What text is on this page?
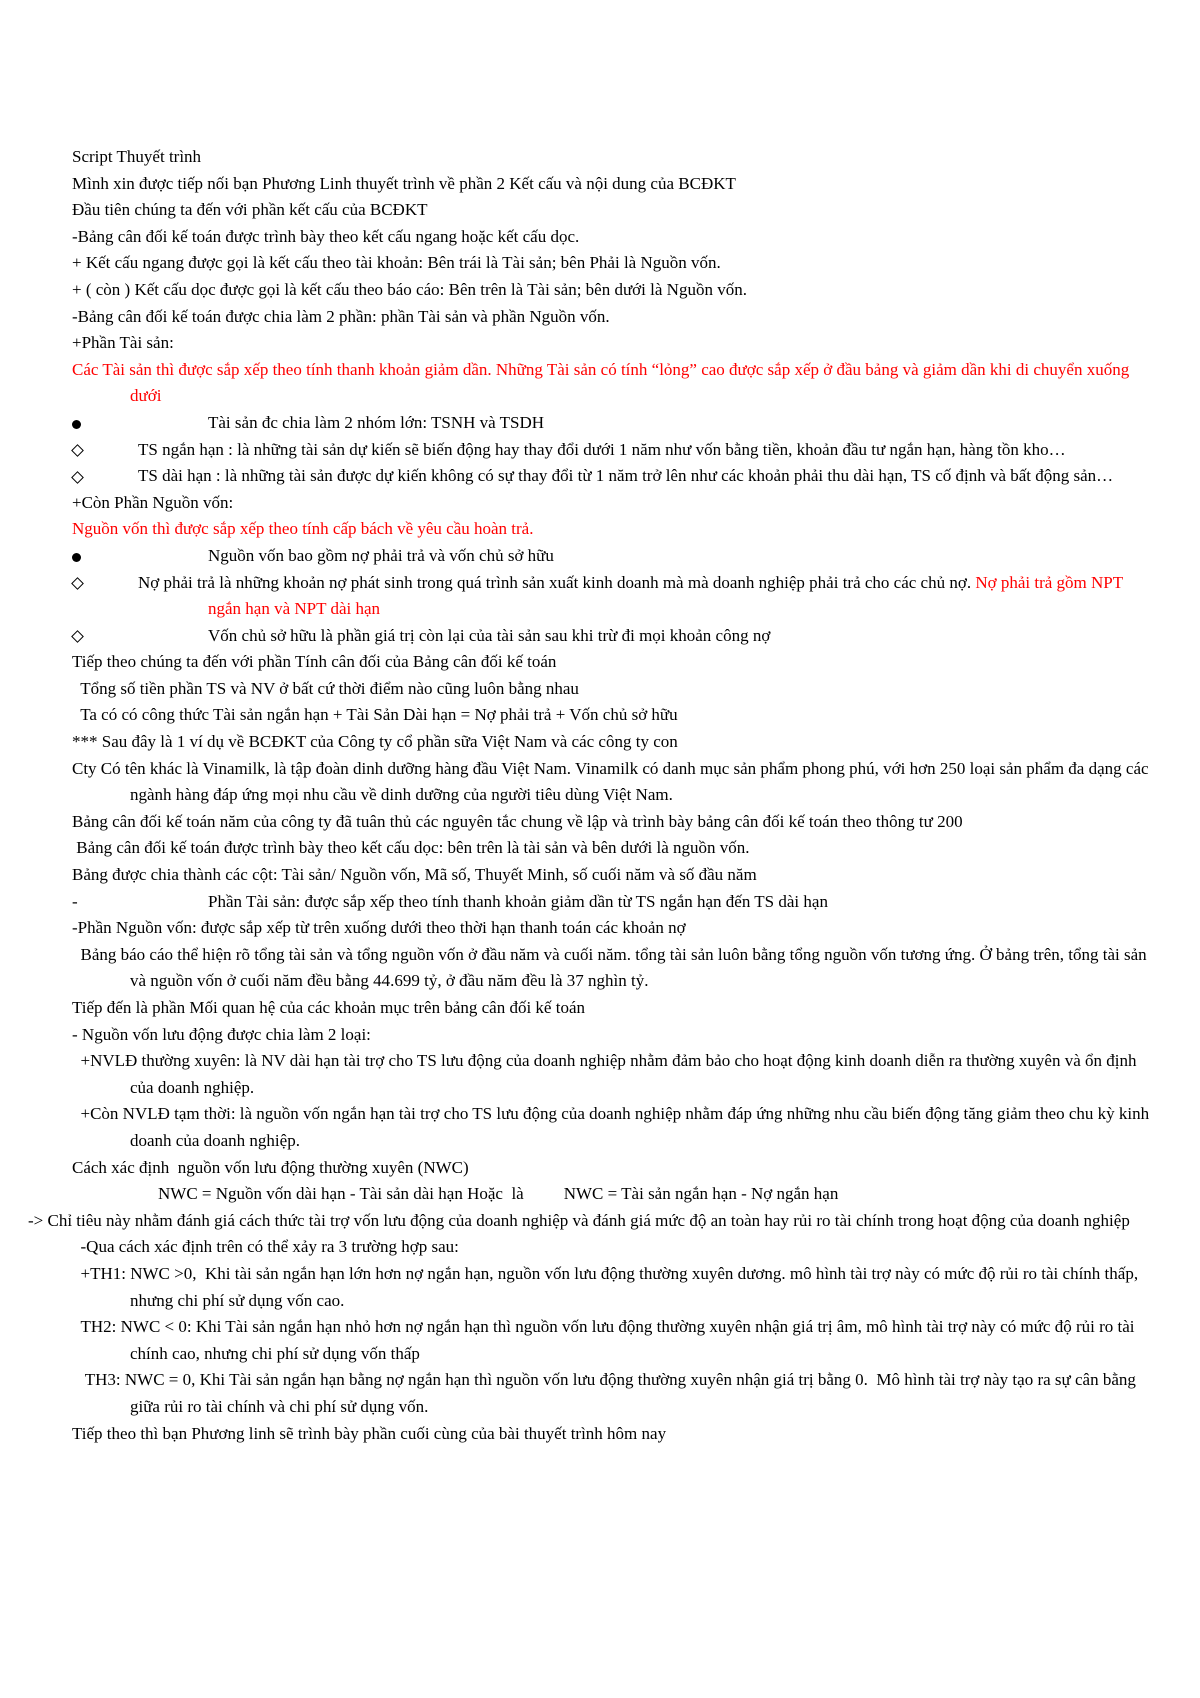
Script Thuyết trình
Mình xin được tiếp nối bạn Phương Linh thuyết trình về phần 2 Kết cấu và nội dung của BCĐKT
Đầu tiên chúng ta đến với phần kết cấu của BCĐKT
-Bảng cân đối kế toán được trình bày theo kết cấu ngang hoặc kết cấu dọc.
+ Kết cấu ngang được gọi là kết cấu theo tài khoản: Bên trái là Tài sản; bên Phải là Nguồn vốn.
+ ( còn ) Kết cấu dọc được gọi là kết cấu theo báo cáo: Bên trên là Tài sản; bên dưới là Nguồn vốn.
-Bảng cân đối kế toán được chia làm 2 phần: phần Tài sản và phần Nguồn vốn.
+Phần Tài sản:
Các Tài sản thì được sắp xếp theo tính thanh khoản giảm dần. Những Tài sản có tính “lỏng” cao được sắp xếp ở đầu bảng và giảm dần khi di chuyển xuống dưới
Tài sản đc chia làm 2 nhóm lớn: TSNH và TSDH
TS ngắn hạn : là những tài sản dự kiến sẽ biến động hay thay đổi dưới 1 năm như vốn bằng tiền, khoản đầu tư ngắn hạn, hàng tồn kho…
TS dài hạn : là những tài sản được dự kiến không có sự thay đổi từ 1 năm trở lên như các khoản phải thu dài hạn, TS cố định và bất động sản…
+Còn Phần Nguồn vốn:
Nguồn vốn thì được sắp xếp theo tính cấp bách về yêu cầu hoàn trả.
Nguồn vốn bao gồm nợ phải trả và vốn chủ sở hữu
Nợ phải trả là những khoản nợ phát sinh trong quá trình sản xuất kinh doanh mà mà doanh nghiệp phải trả cho các chủ nợ. Nợ phải trả gồm NPT ngắn hạn và NPT dài hạn
Vốn chủ sở hữu là phần giá trị còn lại của tài sản sau khi trừ đi mọi khoản công nợ
Tiếp theo chúng ta đến với phần Tính cân đối của Bảng cân đối kế toán
Tổng số tiền phần TS và NV ở bất cứ thời điểm nào cũng luôn bằng nhau
Ta có có công thức Tài sản ngắn hạn + Tài Sản Dài hạn = Nợ phải trả + Vốn chủ sở hữu
*** Sau đây là 1 ví dụ về BCĐKT của Công ty cổ phần sữa Việt Nam và các công ty con
Cty Có tên khác là Vinamilk, là tập đoàn dinh dưỡng hàng đầu Việt Nam. Vinamilk có danh mục sản phẩm phong phú, với hơn 250 loại sản phẩm đa dạng các ngành hàng đáp ứng mọi nhu cầu về dinh dưỡng của người tiêu dùng Việt Nam.
Bảng cân đối kế toán năm của công ty đã tuân thủ các nguyên tắc chung về lập và trình bày bảng cân đối kế toán theo thông tư 200
Bảng cân đối kế toán được trình bày theo kết cấu dọc: bên trên là tài sản và bên dưới là nguồn vốn.
Bảng được chia thành các cột: Tài sản/ Nguồn vốn, Mã số, Thuyết Minh, số cuối năm và số đầu năm
-	Phần Tài sản: được sắp xếp theo tính thanh khoản giảm dần từ TS ngắn hạn đến TS dài hạn
-Phần Nguồn vốn: được sắp xếp từ trên xuống dưới theo thời hạn thanh toán các khoản nợ
Bảng báo cáo thể hiện rõ tổng tài sản và tổng nguồn vốn ở đầu năm và cuối năm. tổng tài sản luôn bằng tổng nguồn vốn tương ứng. Ở bảng trên, tổng tài sản và nguồn vốn ở cuối năm đều bằng 44.699 tỷ, ở đầu năm đều là 37 nghìn tỷ.
Tiếp đến là phần Mối quan hệ của các khoản mục trên bảng cân đối kế toán
- Nguồn vốn lưu động được chia làm 2 loại:
+NVLĐ thường xuyên: là NV dài hạn tài trợ cho TS lưu động của doanh nghiệp nhằm đảm bảo cho hoạt động kinh doanh diễn ra thường xuyên và ổn định của doanh nghiệp.
+Còn NVLĐ tạm thời: là nguồn vốn ngắn hạn tài trợ cho TS lưu động của doanh nghiệp nhằm đáp ứng những nhu cầu biến động tăng giảm theo chu kỳ kinh doanh của doanh nghiệp.
Cách xác định  nguồn vốn lưu động thường xuyên (NWC)
NWC = Nguồn vốn dài hạn - Tài sản dài hạn Hoặc  là NWC = Tài sản ngắn hạn - Nợ ngắn hạn
-> Chỉ tiêu này nhằm đánh giá cách thức tài trợ vốn lưu động của doanh nghiệp và đánh giá mức độ an toàn hay rủi ro tài chính trong hoạt động của doanh nghiệp
-Qua cách xác định trên có thể xảy ra 3 trường hợp sau:
+TH1: NWC >0,  Khi tài sản ngắn hạn lớn hơn nợ ngắn hạn, nguồn vốn lưu động thường xuyên dương. mô hình tài trợ này có mức độ rủi ro tài chính thấp, nhưng chi phí sử dụng vốn cao.
TH2: NWC < 0: Khi Tài sản ngắn hạn nhỏ hơn nợ ngắn hạn thì nguồn vốn lưu động thường xuyên nhận giá trị âm, mô hình tài trợ này có mức độ rủi ro tài chính cao, nhưng chi phí sử dụng vốn thấp
TH3: NWC = 0, Khi Tài sản ngắn hạn bằng nợ ngắn hạn thì nguồn vốn lưu động thường xuyên nhận giá trị bằng 0.  Mô hình tài trợ này tạo ra sự cân bằng giữa rủi ro tài chính và chi phí sử dụng vốn.
Tiếp theo thì bạn Phương linh sẽ trình bày phần cuối cùng của bài thuyết trình hôm nay
